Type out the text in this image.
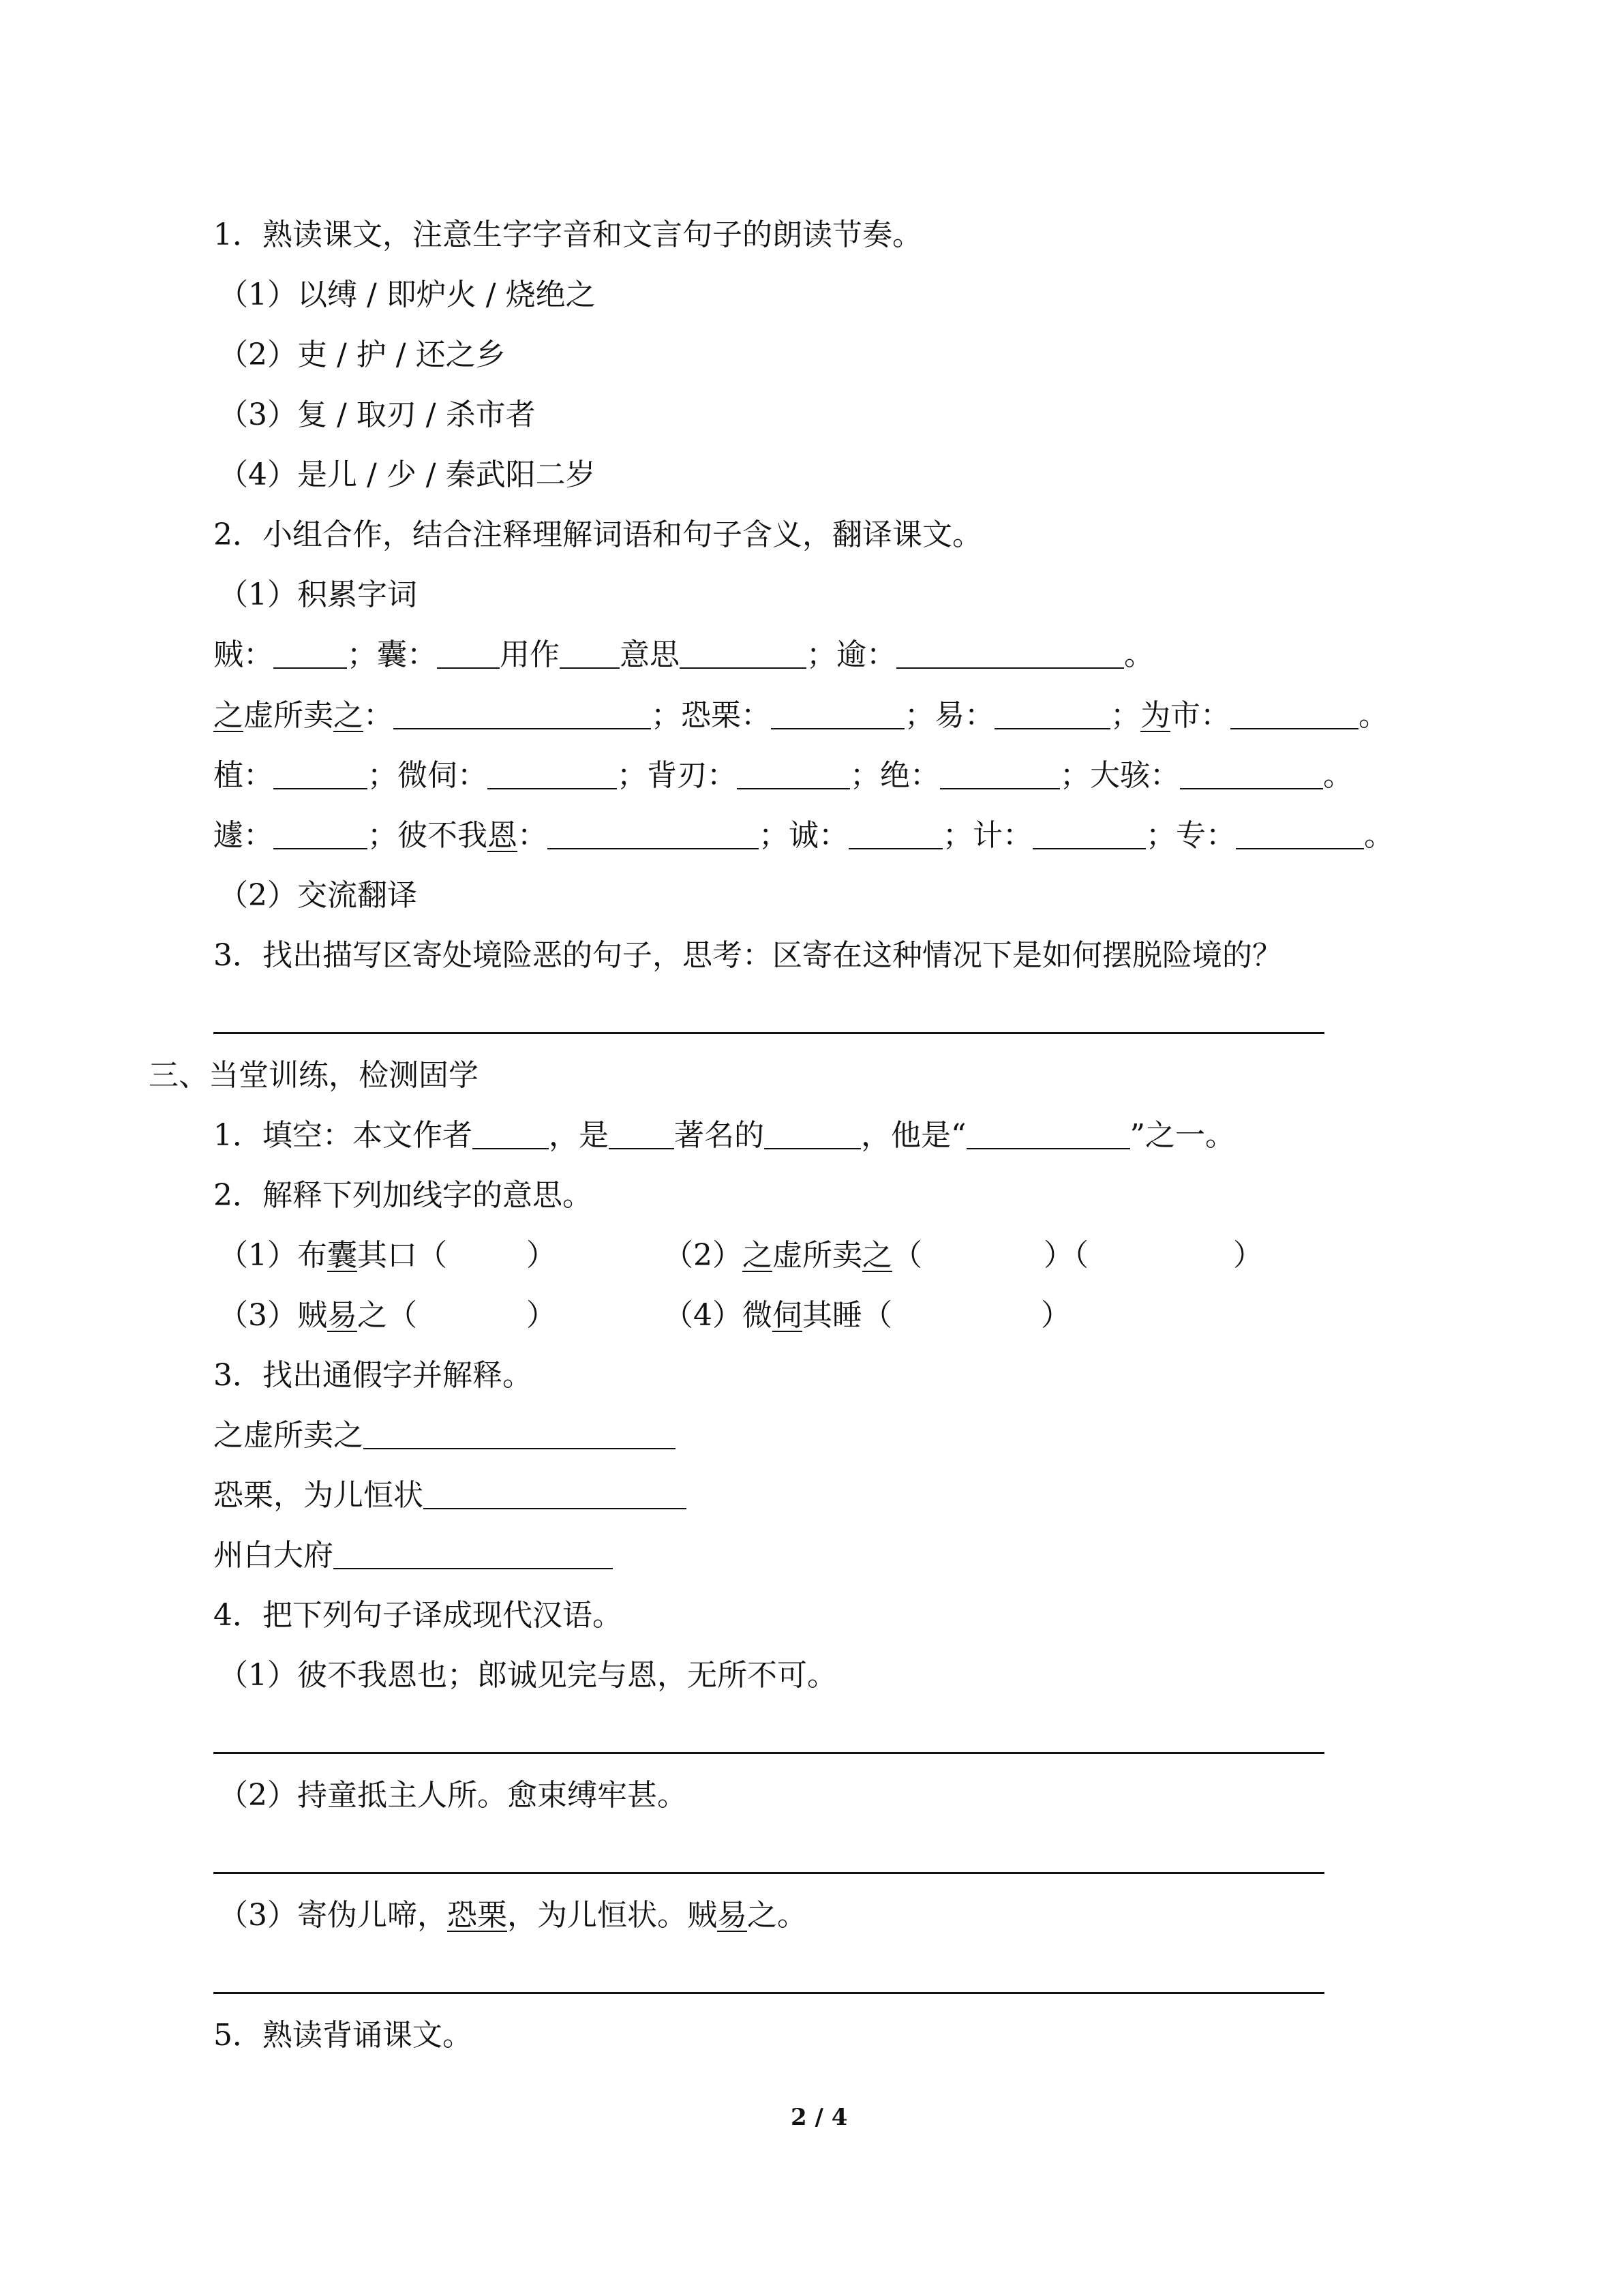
1．熟读课文，注意生字字音和文言句子的朗读节奏。
（1）以缚 / 即炉火 / 烧绝之
（2）吏 / 护 / 还之乡
（3）复 / 取刃 / 杀市者
（4）是儿 / 少 / 秦武阳二岁
2．小组合作，结合注释理解词语和句子含义，翻译课文。
（1）积累字词
贼： ；囊： 用作 意思	；逾：	。
之虚所卖之：	；恐栗：	；易：	；为市：	。
植：	；微伺：	；背刃：	；绝：	；大骇：	。
遽：	；彼不我恩：	；诚：	；计：	；专：	。
（2）交流翻译
3．找出描写区寄处境险恶的句子，思考：区寄在这种情况下是如何摆脱险境的？
三、当堂训练，检测固学
1．填空：本文作者	，是 著名的	，他是“	”之一。
2．解释下列加线字的意思。
（1）布囊其口（	）	（2）之虚所卖之（	）（	）
（3）贼易之（	）	（4）微伺其睡（	）
3．找出通假字并解释。
之虚所卖之
恐栗，为儿恒状
州白大府
4．把下列句子译成现代汉语。
（1）彼不我恩也；郎诚见完与恩，无所不可。
（2）持童抵主人所。愈束缚牢甚。
（3）寄伪儿啼，恐栗，为儿恒状。贼易之。
5．熟读背诵课文。
2 / 4
